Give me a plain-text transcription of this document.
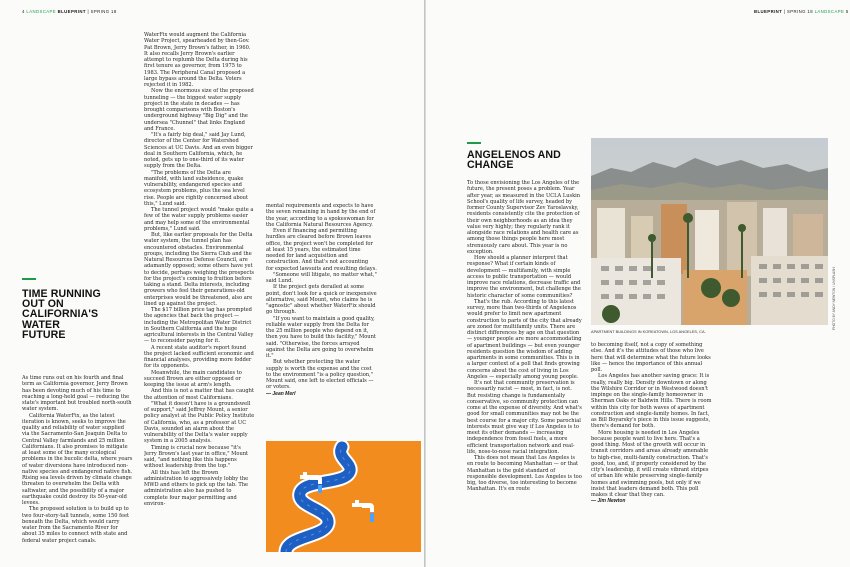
4 LANDSCAPE BLUEPRINT | SPRING 18
TIME RUNNING OUT ON CALIFORNIA'S WATER FUTURE

As time runs out on his fourth and final term as California governor, Jerry Brown has been devoting much of his time to reaching a long-held goal — reducing the state's important but troubled north-south water system.

California WaterFix, as the latest iteration is known, seeks to improve the quality and reliability of water supplied via the Sacramento-San Joaquin Delta to Central Valley farmlands and 25 million Californians. It also promises to mitigate at least some of the many ecological problems in the bucolic delta, where years of water diversions have introduced non-native species and endangered native fish. Rising sea levels driven by climate change threaten to overwhelm the Delta with saltwater, and the possibility of a major earthquake could destroy its 50-year-old levees.

The proposed solution is to build up to two four-story-tall tunnels, some 150 feet beneath the Delta, which would carry water from the Sacramento River for about 35 miles to connect with state and federal water project canals.

WaterFix would augment the California Water Project, spearheaded by then-Gov. Pat Brown, Jerry Brown's father, in 1960. It also recalls Jerry Brown's earlier attempt to replumb the Delta during his first tenure as governor, from 1975 to 1983. The Peripheral Canal proposed a large bypass around the Delta. Voters rejected it in 1982.

Now the enormous size of the proposed tunneling — the biggest water supply project in the state in decades — has brought comparisons with Boston's underground highway "Big Dig" and the undersea "Chunnel" that links England and France.

"It's a fairly big deal," said Jay Lund, director of the Center for Watershed Sciences at UC Davis. And an even bigger deal in Southern California, which, he noted, gets up to one-third of its water supply from the Delta.

"The problems of the Delta are manifold, with land subsidence, quake vulnerability, endangered species and ecosystem problems, plus the sea level rise. People are rightly concerned about this," Lund said.

The tunnel project would "make quite a few of the water supply problems easier and may help some of the environmental problems," Lund said.

But, like earlier proposals for the Delta water system, the tunnel plan has encountered obstacles. Environmental groups, including the Sierra Club and the Natural Resources Defense Council, are adamantly opposed; some others have yet to decide, perhaps weighing the prospects for the project's coming to fruition before taking a stand. Delta interests, including growers who feel their generations-old enterprises would be threatened, also are lined up against the project.

The $17 billion price tag has prompted the agencies that back the project — including the Metropolitan Water District in Southern California and the huge agricultural interests in the Central Valley — to reconsider paying for it.

A recent state auditor's report found the project lacked sufficient economic and financial analyses, providing more fodder for its opponents.

Meanwhile, the main candidates to succeed Brown are either opposed or keeping the issue at arm's length.

And this is not a matter that has caught the attention of most Californians.

"What it doesn't have is a groundswell of support," said Jeffrey Mount, a senior policy analyst at the Public Policy Institute of California, who, as a professor at UC Davis, sounded an alarm about the vulnerability of the Delta's water supply system in a 2005 analysis.

Timing is crucial now because "it's Jerry Brown's last year in office," Mount said, "and nothing like this happens without leadership from the top."

All this has left the Brown administration to aggressively lobby the MWD and others to pick up the tab. The administration also has pushed to complete four major permitting and environ-

mental requirements and expects to have the seven remaining in hand by the end of the year, according to a spokeswoman for the California Natural Resources Agency.

Even if financing and permitting hurdles are cleared before Brown leaves office, the project won't be completed for at least 15 years, the estimated time needed for land acquisition and construction. And that's not accounting for expected lawsuits and resulting delays.

"Someone will litigate, no matter what," said Lund.

If the project gets derailed at some point, don't look for a quick or inexpensive alternative, said Mount, who claims he is "agnostic" about whether WaterFix should go through.

"If you want to maintain a good quality, reliable water supply from the Delta for the 25 million people who depend on it, then you have to build this facility," Mount said. "Otherwise, the forces arrayed against the Delta are going to overwhelm it."

But whether protecting the water supply is worth the expense and the cost to the environment "is a policy question," Mount said, one left to elected officials — or voters.

— Jean Merl

BLUEPRINT | SPRING 18 LANDSCAPE 5
ANGELENOS AND CHANGE

To those envisioning the Los Angeles of the future, the present poses a problem. Year after year, as measured in the UCLA Luskin School's quality of life survey, headed by former County Supervisor Zev Yaroslavsky, residents consistently cite the protection of their own neighborhoods as an idea they value very highly; they regularly rank it alongside race relations and health care as among those things people here most strenuously care about. This year is no exception.

How should a planner interpret that response? What if certain kinds of development — multifamily, with simple access to public transportation — would improve race relations, decrease traffic and improve the environment, but challenge the historic character of some communities?

That's the rub. According to this latest survey, more than two-thirds of Angelenos would prefer to limit new apartment construction to parts of the city that already are zoned for multifamily units. There are distinct differences by age on that question — younger people are more accommodating of apartment buildings — but even younger residents question the wisdom of adding apartments in some communities. This is in a larger context of a poll that finds growing concerns about the cost of living in Los Angeles — especially among young people.

It's not that community preservation is necessarily racist — most, in fact, is not. But resisting change is fundamentally conservative, so community protection can come at the expense of diversity. And what's good for small communities may not be the best course for a major city. Some parochial interests must give way if Los Angeles is to meet its other demands — increasing independence from fossil fuels, a more efficient transportation network and real-life, nose-to-nose racial integration.

This does not mean that Los Angeles is en route to becoming Manhattan — or that Manhattan is the gold standard of responsible development. Los Angeles is too big, too diverse, too interesting to become Manhattan. It's en route

APARTMENT BUILDINGS IN KOREATOWN, LOS ANGELES, CA.
PHOTO BY ANDY NEWTON / UNSPLASH

to becoming itself, not a copy of something else. And it's the attitudes of those who live here that will determine what the future looks like — hence the importance of this annual poll.

Los Angeles has another saving grace: It is really, really big. Density downtown or along the Wilshire Corridor or in Westwood doesn't impinge on the single-family homeowner in Sherman Oaks or Baldwin Hills. There is room within this city for both waves of apartment construction and single-family homes. In fact, as Bill Boyarsky's piece in this issue suggests, there's demand for both.

More housing is needed in Los Angeles because people want to live here. That's a good thing. Most of the growth will occur in transit corridors and areas already amenable to high-rise, multi-family construction. That's good, too, and, if properly considered by the city's leadership, it will create vibrant stripes of urban life while preserving single-family homes and swimming pools, but only if we insist that leaders demand both. This poll makes it clear that they can.

— Jim Newton
